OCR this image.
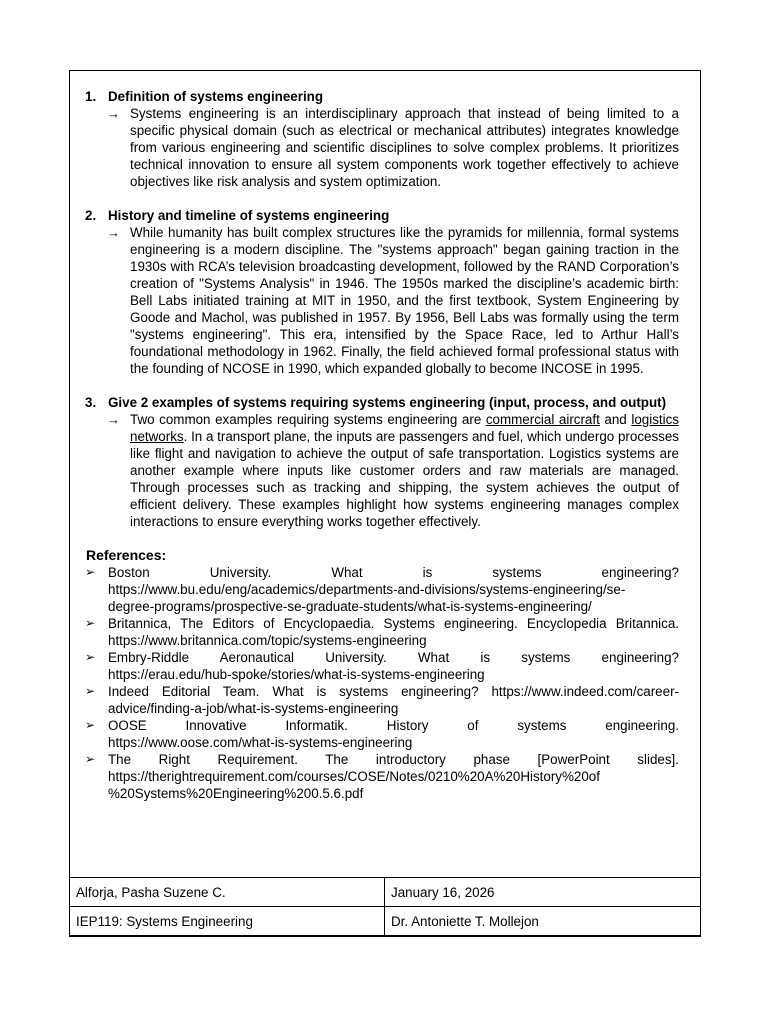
1. Definition of systems engineering
→ Systems engineering is an interdisciplinary approach that instead of being limited to a specific physical domain (such as electrical or mechanical attributes) integrates knowledge from various engineering and scientific disciplines to solve complex problems. It prioritizes technical innovation to ensure all system components work together effectively to achieve objectives like risk analysis and system optimization.
2. History and timeline of systems engineering
→ While humanity has built complex structures like the pyramids for millennia, formal systems engineering is a modern discipline. The "systems approach" began gaining traction in the 1930s with RCA’s television broadcasting development, followed by the RAND Corporation’s creation of "Systems Analysis" in 1946. The 1950s marked the discipline’s academic birth: Bell Labs initiated training at MIT in 1950, and the first textbook, System Engineering by Goode and Machol, was published in 1957. By 1956, Bell Labs was formally using the term "systems engineering". This era, intensified by the Space Race, led to Arthur Hall’s foundational methodology in 1962. Finally, the field achieved formal professional status with the founding of NCOSE in 1990, which expanded globally to become INCOSE in 1995.
3. Give 2 examples of systems requiring systems engineering (input, process, and output)
→ Two common examples requiring systems engineering are commercial aircraft and logistics networks. In a transport plane, the inputs are passengers and fuel, which undergo processes like flight and navigation to achieve the output of safe transportation. Logistics systems are another example where inputs like customer orders and raw materials are managed. Through processes such as tracking and shipping, the system achieves the output of efficient delivery. These examples highlight how systems engineering manages complex interactions to ensure everything works together effectively.
References:
➢ Boston University. What is systems engineering?
https://www.bu.edu/eng/academics/departments-and-divisions/systems-engineering/se-
degree-programs/prospective-se-graduate-students/what-is-systems-engineering/
➢ Britannica, The Editors of Encyclopaedia. Systems engineering. Encyclopedia Britannica.
https://www.britannica.com/topic/systems-engineering
➢ Embry-Riddle Aeronautical University. What is systems engineering?
https://erau.edu/hub-spoke/stories/what-is-systems-engineering
➢ Indeed Editorial Team. What is systems engineering? https://www.indeed.com/career-
advice/finding-a-job/what-is-systems-engineering
➢ OOSE Innovative Informatik. History of systems engineering.
https://www.oose.com/what-is-systems-engineering
➢ The Right Requirement. The introductory phase [PowerPoint slides].
https://therightrequirement.com/courses/COSE/Notes/0210%20A%20History%20of
%20Systems%20Engineering%200.5.6.pdf
Alforja, Pasha Suzene C.	January 16, 2026
IEP119: Systems Engineering	Dr. Antoniette T. Mollejon
